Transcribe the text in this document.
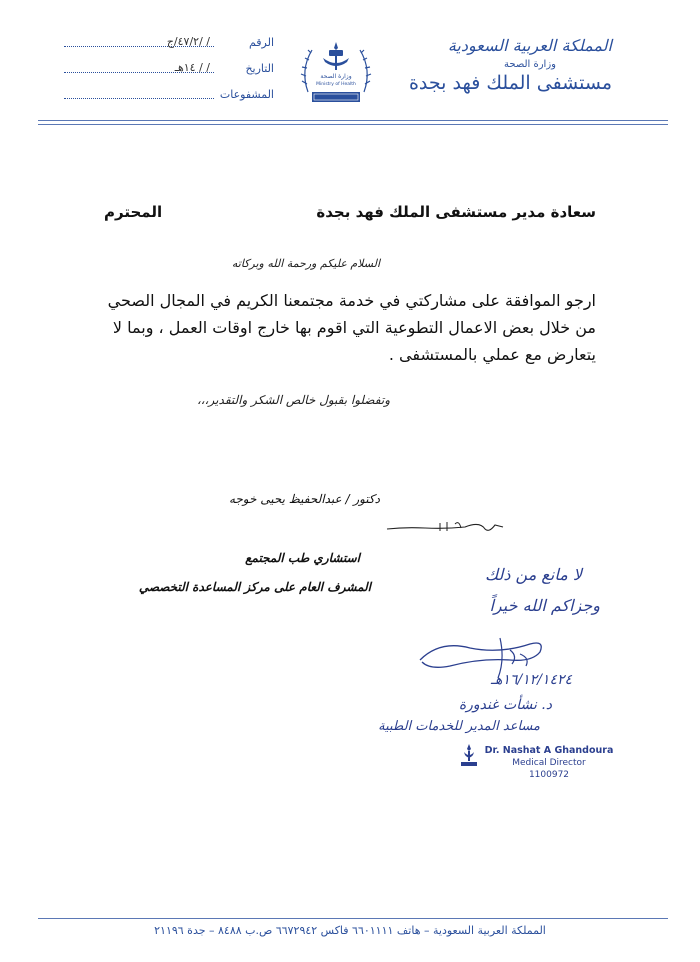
المملكة العربية السعودية
وزارة الصحة
مستشفى الملك فهد بجدة
وزارة الصحة
Ministry of Health
الرقم
/ /٤٧/٢/ج
التاريخ
/ / ١٤هـ
المشفوعات
سعادة مدير مستشفى الملك فهد بجدة
المحترم
السلام عليكم ورحمة الله وبركاته
ارجو الموافقة على مشاركتي في خدمة مجتمعنا الكريم في المجال الصحي من خلال بعض الاعمال التطوعية التي اقوم بها خارج اوقات العمل ، وبما لا يتعارض مع عملي بالمستشفى .
وتفضلوا بقبول خالص الشكر والتقدير،،،
دكتور / عبدالحفيظ يحيى خوجه
استشاري طب المجتمع
المشرف العام على مركز المساعدة التخصصي
لا مانع من ذلك
وجزاكم الله خيراً
١٦/١٢/١٤٢٤هـ
د. نشأت غندورة
مساعد المدير للخدمات الطبية
Dr. Nashat A Ghandoura
Medical Director
1100972
المملكة العربية السعودية – هاتف ٦٦٠١١١١ فاكس ٦٦٧٢٩٤٢ ص.ب ٨٤٨٨ – جدة ٢١١٩٦
